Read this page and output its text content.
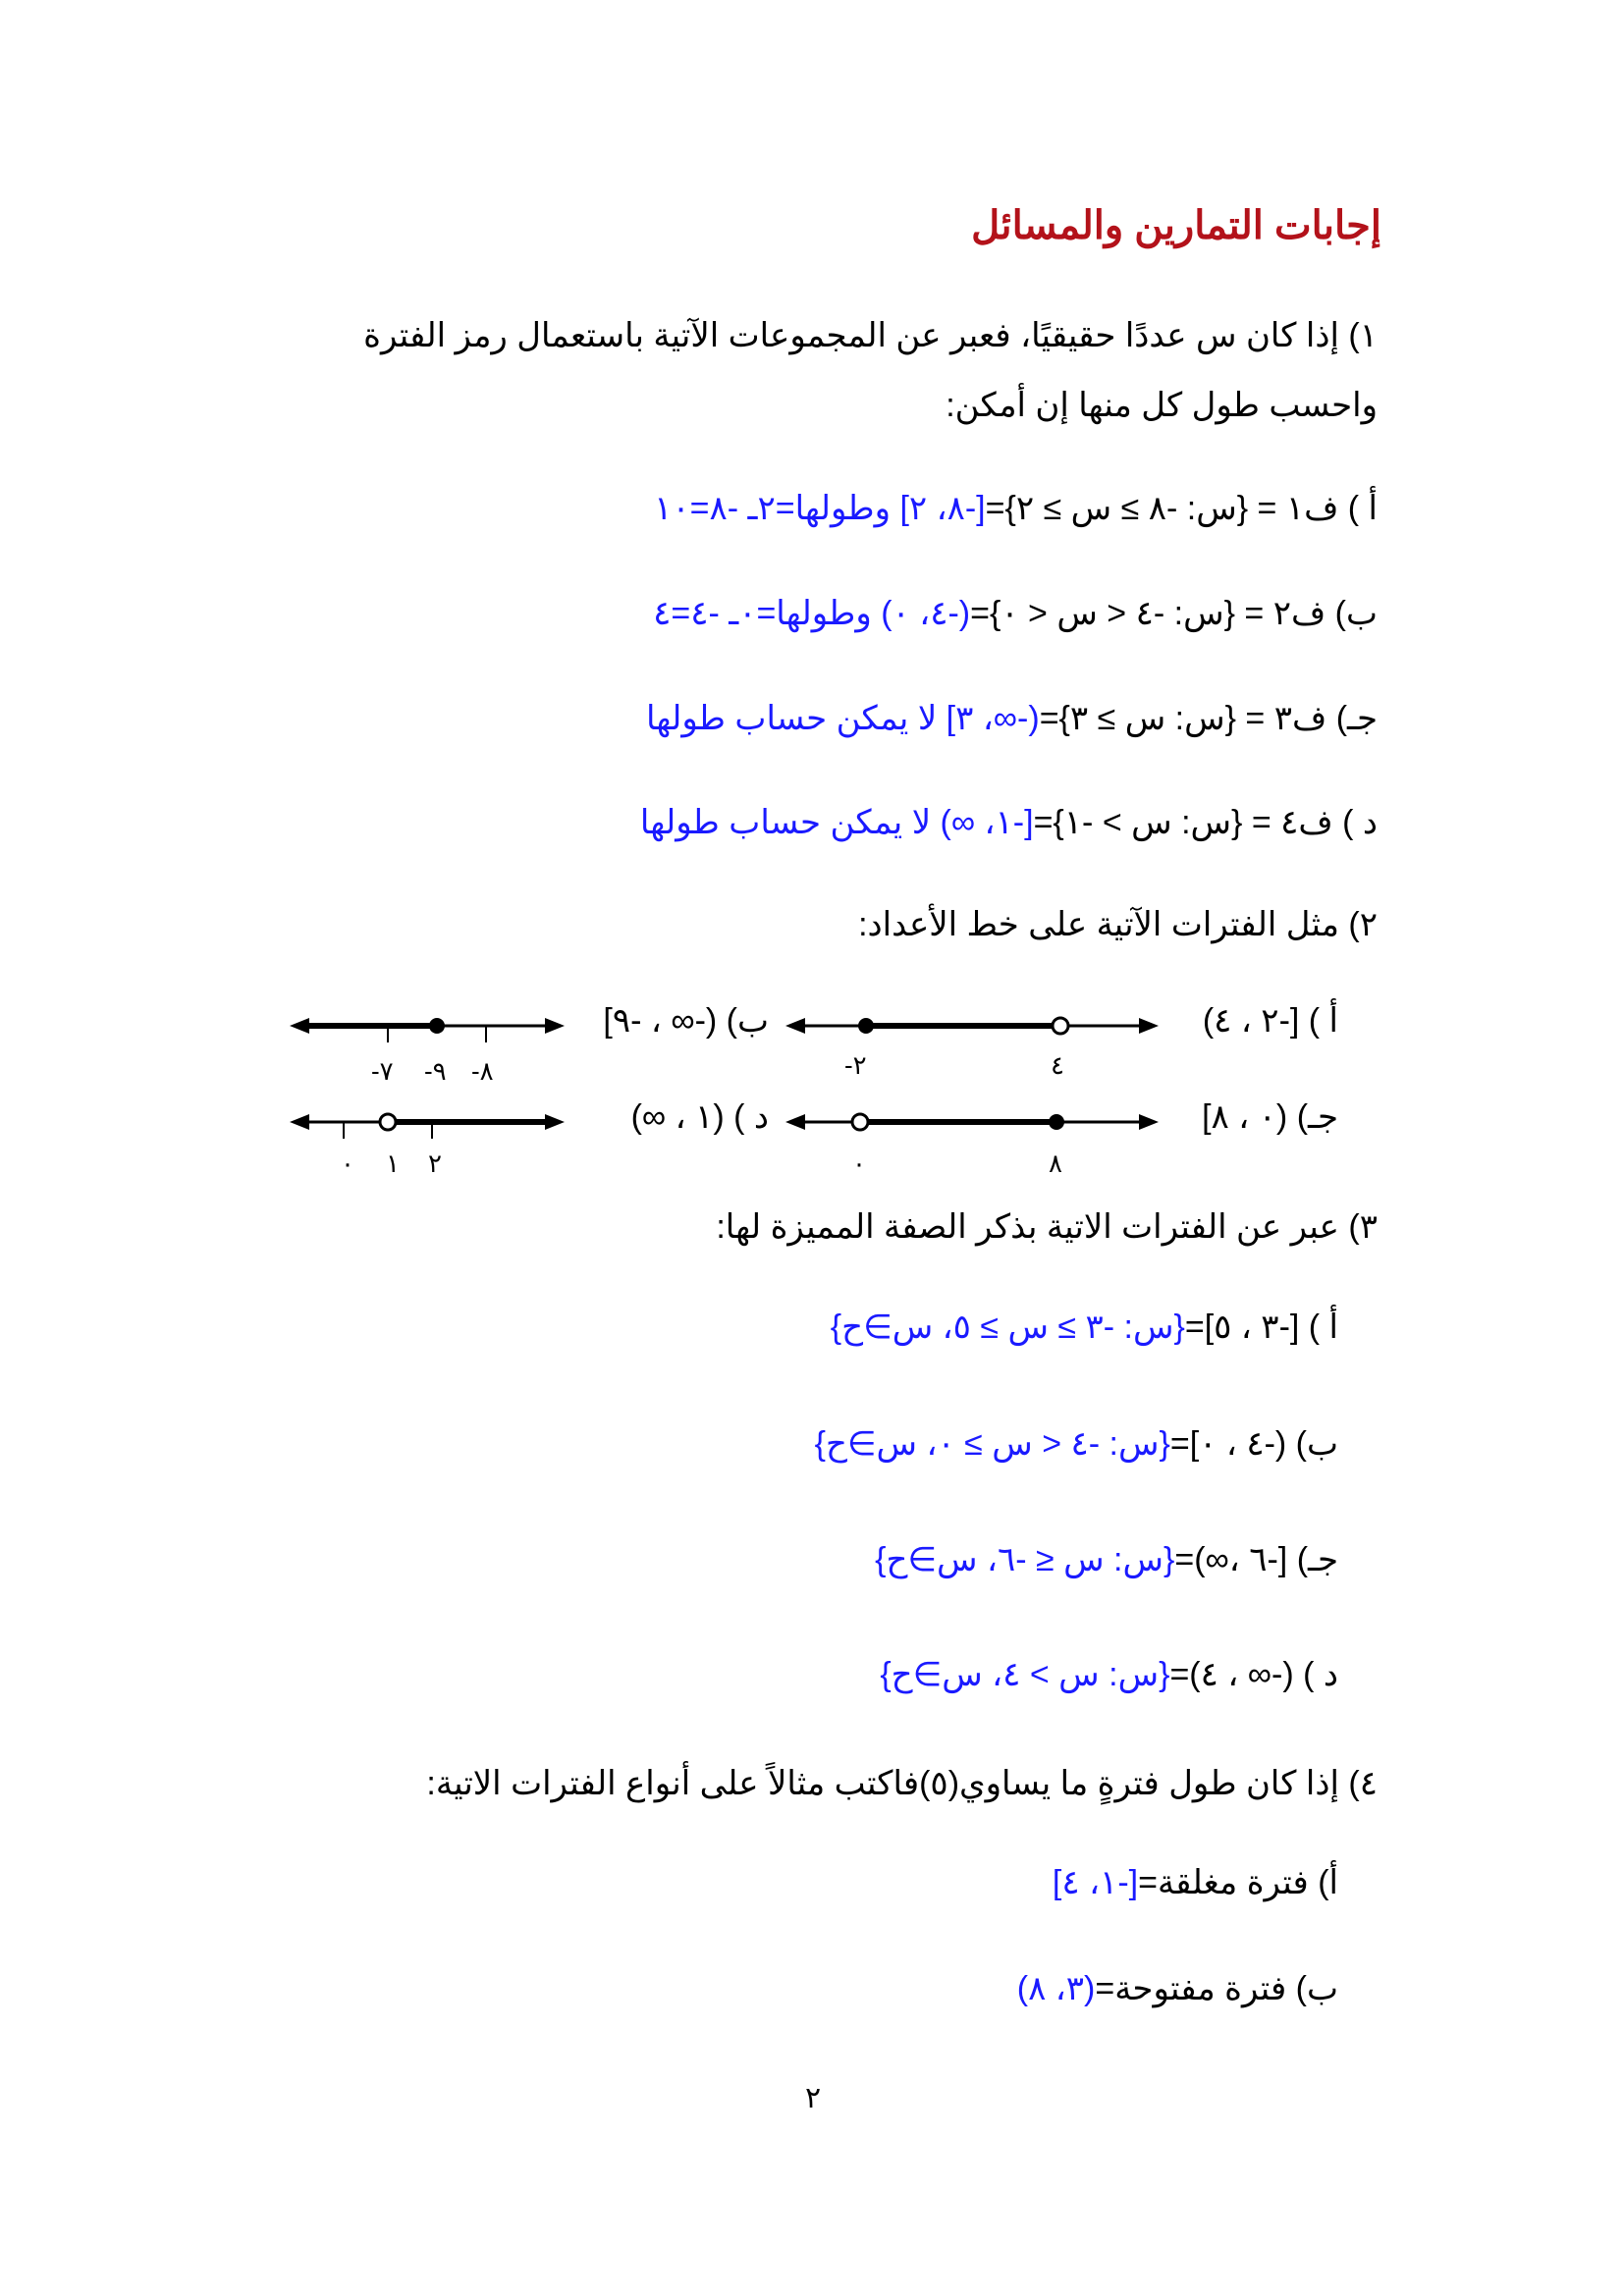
إجابات التمارين والمسائل
١) إذا كان س عددًا حقيقيًا، فعبر عن المجموعات الآتية باستعمال رمز الفترة
واحسب طول كل منها إن أمكن:
أ ) ف١ = {س: -٨ ≥ س ≥ ٢}=[-٨، ٢] وطولها=٢ـ -٨=١٠
ب) ف٢ = {س: -٤ < س < ٠}=(-٤، ٠) وطولها=٠ـ -٤=٤
جـ) ف٣ = {س: س ≥ ٣}=(-∞، ٣] لا يمكن حساب طولها
د ) ف٤ = {س: س > -١}=[-١، ∞) لا يمكن حساب طولها
٢) مثل الفترات الآتية على خط الأعداد:
أ ) [-٢ ، ٤)
-٢	٤
ب) (-∞ ، -٩]
-٧ -٩ -٨
جـ) (٠ ، ٨]
٠	٨
د ) (١ ، ∞)
٠ ١ ٢
٣) عبر عن الفترات الاتية بذكر الصفة المميزة لها:
أ ) [-٣ ، ٥]={س: -٣ ≥ س ≥ ٥، س∋ح}
ب) (-٤ ، ٠]={س: -٤ < س ≥ ٠، س∋ح}
جـ) [-٦ ،∞)={س: س ≤ -٦، س∋ح}
د ) (-∞ ، ٤)={س: س > ٤، س∋ح}
٤) إذا كان طول فترةٍ ما يساوي(٥)فاكتب مثالاً على أنواع الفترات الاتية:
أ) فترة مغلقة=[-١، ٤]
ب) فترة مفتوحة=(٣، ٨)
٢
